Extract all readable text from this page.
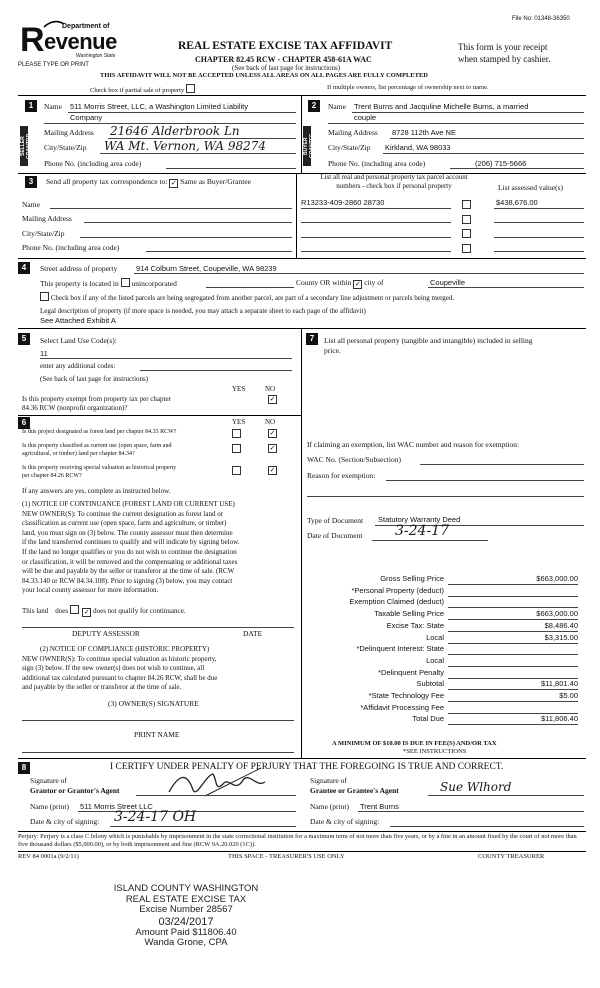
File No: 01348-36350
Department of
R evenue
Washington State
PLEASE TYPE OR PRINT
REAL ESTATE EXCISE TAX AFFIDAVIT
CHAPTER 82.45 RCW - CHAPTER 458-61A WAC
(See back of last page for instructions)
This form is your receipt
when stamped by cashier.
THIS AFFIDAVIT WILL NOT BE ACCEPTED UNLESS ALL AREAS ON ALL PAGES ARE FULLY COMPLETED
Check box if partial sale of property	If multiple owners, list percentage of ownership next to name.
1
SELLER GRANTOR
Name 511 Morris Street, LLC, a Washington Limited Liability
Company
Mailing Address 21646 Alderbrook Ln
City/State/Zip WA Mt. Vernon, WA 98274
Phone No. (including area code)
2
BUYER GRANTEE
Name Trent Burns and Jacquline Michelle Burns, a married
couple
Mailing Address 8728 112th Ave NE
City/State/Zip Kirkland, WA 98033
Phone No. (including area code)	(206) 715-5666
3	Send all property tax correspondence to: ✓ Same as Buyer/Grantee	List all real and personal property tax parcel account
numbers - check box if personal property	List assessed value(s)
Name
Mailing Address
City/State/Zip
Phone No. (including area code)
R13233-409-2860 28730	$438,676.00
4	Street address of property 914 Colburn Street, Coupeville, WA 98239
This property is located in unincorporated	County OR within ✓ city of	Coupeville
Check box if any of the listed parcels are being segregated from another parcel, are part of a secondary line adjustment or parcels being merged.
Legal description of property (if more space is needed, you may attach a separate sheet to each page of the affidavit)
See Attached Exhibit A
5	Select Land Use Code(s):
11
enter any additional codes:
(See back of last page for instructions)
YES	NO
Is this property exempt from property tax per chapter
84.36 RCW (nonprofit organization)?
✓
6	YES	NO
Is this project designated as forest land per chapter 84.33 RCW?	✓
Is this property classified as current use (open space, farm and
agricultural, or timber) land per chapter 84.34?
✓
Is this property receiving special valuation as historical property
per chapter 84.26 RCW?
✓
If any answers are yes, complete as instructed below.
(1) NOTICE OF CONTINUANCE (FOREST LAND OR CURRENT USE)
NEW OWNER(S): To continue the current designation as forest land or
classification as current use (open space, farm and agriculture, or timber)
land, you must sign on (3) below. The county assessor must then determine
if the land transferred continues to qualify and will indicate by signing below.
If the land no longer qualifies or you do not wish to continue the designation
or classification, it will be removed and the compensating or additional taxes
will be due and payable by the seller or transferor at the time of sale. (RCW
84.33.140 or RCW 84.34.108). Prior to signing (3) below, you may contact
your local county assessor for more information.
This land does ✓ does not qualify for continuance.
DEPUTY ASSESSOR	DATE
(2) NOTICE OF COMPLIANCE (HISTORIC PROPERTY)
NEW OWNER(S): To continue special valuation as historic property,
sign (3) below. If the new owner(s) does not wish to continue, all
additional tax calculated pursuant to chapter 84.26 RCW, shall be due
and payable by the seller or transferor at the time of sale.
(3) OWNER(S) SIGNATURE
PRINT NAME
7	List all personal property (tangible and intangible) included in selling
price.
If claiming an exemption, list WAC number and reason for exemption:
WAC No. (Section/Subsection)
Reason for exemption:
Type of Document Statutory Warranty Deed
Date of Document 3-24-17
Gross Selling Price	$663,000.00
*Personal Property (deduct)
Exemption Claimed (deduct)
Taxable Selling Price	$663,000.00
Excise Tax: State	$8,486.40
Local	$3,315.00
*Delinquent Interest: State
Local
*Delinquent Penalty
Subtotal	$11,801.40
*State Technology Fee	$5.00
*Affidavit Processing Fee
Total Due	$11,806.40
A MINIMUM OF $10.00 IS DUE IN FEE(S) AND/OR TAX
*SEE INSTRUCTIONS
8	I CERTIFY UNDER PENALTY OF PERJURY THAT THE FOREGOING IS TRUE AND CORRECT.
Signature of
Grantor or Grantor's Agent
Name (print) 511 Morris Street LLC
Date & city of signing: 3-24-17 OH
Signature of
Grantee or Grantee's Agent	Sue Wlhord
Name (print) Trent Burns
Date & city of signing:
Perjury: Perjury is a class C felony which is punishable by imprisonment in the state correctional institution for a maximum term of not more than five years, or by a fine in an amount fixed by the court of not more than five thousand dollars ($5,000.00), or by both imprisonment and fine (RCW 9A.20.020 (1C)).
REV 84 0001a (9/2/11)	THIS SPACE - TREASURER'S USE ONLY	COUNTY TREASURER
ISLAND COUNTY WASHINGTON
REAL ESTATE EXCISE TAX
Excise Number 28567
03/24/2017
Amount Paid $11806.40
Wanda Grone, CPA
